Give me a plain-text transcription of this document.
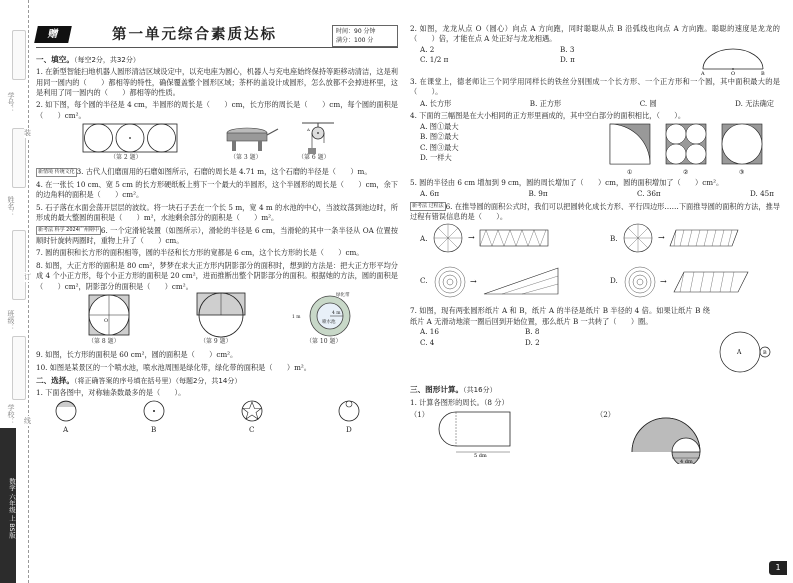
学号：
姓名：
班级：
学校：
装
订
线
数学 六年级 上 BS版
赠	第一单元综合素质达标	时间：90 分钟
满分：100 分
一、填空。（每空2分，共32分）
1. 在新型智能扫地机器人圆形清洁区域设定中，以充电座为圆心，机器人与充电座始终保持等距移动清洁，这是利用同一圆内的（　　）都相等的特性，确保覆盖整个圆形区域；茶杯的盖设计成圆形，怎么放都不会掉进杯里，这是利用了同一圆内的（　　）都相等的性质。
2. 如下图，每个圆的半径是 4 cm，半圆形的周长是（　　）cm，长方形的周长是（　　）cm，每个圆的面积是（　　）cm²。
A
（第 2 题）	（第 3 题）	（第 6 题）
新情境 传统文化 3. 古代人们磨面用的石磨如图所示，石磨的周长是 4.71 m，这个石磨的半径是（　　）m。
4. 在一张长 10 cm、宽 5 cm 的长方形硬纸板上剪下一个最大的半圆形，这个半圆形的周长是（　　）cm，余下的边角料的面积是（　　）cm²。
5. 石子落在水面会荡开层层的波纹。将一块石子丢在一个长 5 m，宽 4 m 的水池的中心，当波纹荡到池边时，所形成的最大整圆的面积是（　　）m²，水池剩余部分的面积是（　　）m²。
新考法 科学 2024广州期中 6. 一个定滑轮装置（如图所示），滑轮的半径是 6 cm，当滑轮的其中一条半径从 OA 位置按顺时针旋转两圈时，重物上升了（　　）cm。
7. 圆的面积和长方形的面积相等，圆的半径和长方形的宽都是 6 cm，这个长方形的长是（　　）cm。
8. 如图，大正方形的面积是 80 cm²，梦梦在求大正方形内阴影部分的面积时，想到的方法是：把大正方形平均分成 4 个小正方形，每个小正方形的面积是 20 cm²，进而推断出整个阴影部分的面积。根据她的方法，圆的面积是（　　）cm²，阴影部分的面积是（　　）cm²。
O
4 m
喷水池
1 m
绿化带
（第 8 题）	（第 9 题）	（第 10 题）
9. 如图，长方形的面积是 60 cm²，圆的面积是（　　）cm²。
10. 如图是某景区的一个喷水池，喷水池周围是绿化带，绿化带的面积是（　　）m²。
二、选择。（将正确答案的序号填在括号里）（每题2分，共14分）
1. 下面各图中，对称轴条数最多的是（　　）。
A	B	C	D
2. 如图，龙龙从点 O（圆心）向点 A 方向跑，同时聪聪从点 B 沿弧线也向点 A 方向跑。聪聪的速度是龙龙的（　　）倍，才能在点 A 处正好与龙龙相遇。
A. 2	B. 3
C. 1/2 π	D. π
A	O	B
3. 在课堂上，德老师让三个同学用同样长的铁丝分别围成一个长方形、一个正方形和一个圆，其中面积最大的是（　　）。
A. 长方形	B. 正方形	C. 圆	D. 无法确定
4. 下面的三幅图是在大小相同的正方形里画成的，其中空白部分的面积相比，（　　）。
A. 图①最大
B. 图②最大
C. 图③最大
D. 一样大
①	②	③
5. 圆的半径由 6 cm 增加到 9 cm，圆的周长增加了（　　）cm，圆的面积增加了（　　）cm²。
A. 6π	B. 9π	C. 36π	D. 45π
新考法 过程法 6. 在推导圆的面积公式时，我们可以把圆转化成长方形、平行四边形……下面推导圆的面积的方法，推导过程有错误信息的是（　　）。
A.	→	B.	→
C.	→	D.	→
7. 如图，现有两张圆形纸片 A 和 B，纸片 A 的半径是纸片 B 半径的 4 倍。如果让纸片 B 绕纸片 A 无滑动地滚一圈后回到开始位置，那么纸片 B 一共转了（　　）圈。
A. 16	B. 8
C. 4	D. 2
A	B
三、图形计算。（共16分）
1. 计算各图形的周长。（8 分）
（1）
5 dm
（2）
4 dm
1
